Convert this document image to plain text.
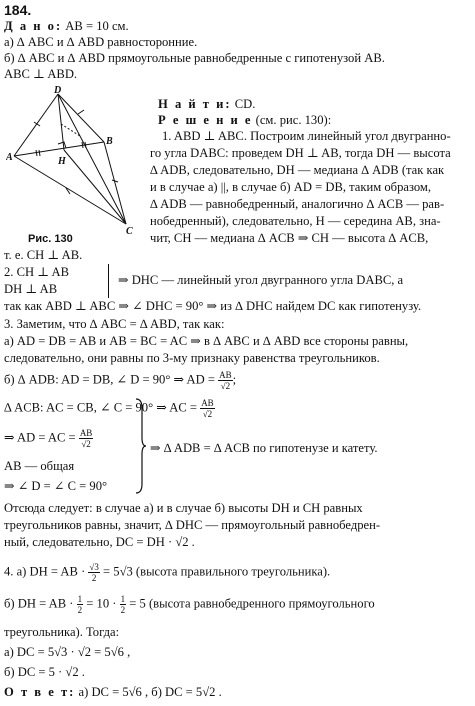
184.
Д а н о: AB = 10 см.
а) ∆ ABC и ∆ ABD равносторонние.
б) ∆ ABC и ∆ ABD прямоугольные равнобедренные с гипотенузой AB.
ABC ⊥ ABD.
D
A	H
B
C
Рис. 130
Н а й т и: CD.
Р е ш е н и е (см. рис. 130):
1. ABD ⊥ ABC. Построим линейный угол двугранно-
го угла DABC: проведем DH ⊥ AB, тогда DH — высота
∆ ADB, следовательно, DH — медиана ∆ ADB (так как
и в случае а) ||, в случае б) AD = DB, таким образом,
∆ ADB — равнобедренный, аналогично ∆ ACB — рав-
нобедренный), следовательно, H — середина AB, зна-
чит, CH — медиана ∆ ACB ⇒ CH — высота ∆ ACB,
т. е. CH ⊥ AB.
2. CH ⊥ AB
DH ⊥ AB
⇒ DHC — линейный угол двугранного угла DABC, а
так как ABD ⊥ ABC ⇒ ∠ DHC = 90° ⇒ из ∆ DHC найдем DC как гипотенузу.
3. Заметим, что ∆ ABC = ∆ ABD, так как:
а) AD = DB = AB и AB = BC = AC ⇒ в ∆ ABC и ∆ ABD все стороны равны,
следовательно, они равны по 3-му признаку равенства треугольников.
б) ∆ ADB: AD = DB, ∠ D = 90° ⇒ AD = $\frac{AB}{√2}$ ;
∆ ACB: AC = CB, ∠ C = 90° ⇒ AC = $\frac{AB}{√2}$
⇒ AD = AC = $\frac{AB}{√2}$
AB — общая
⇒ ∠ D = ∠ C = 90°
⇒ ∆ ADB = ∆ ACB по гипотенузе и катету.
Отсюда следует: в случае а) и в случае б) высоты DH и CH равных
треугольников равны, значит, ∆ DHC — прямоугольный равнобедрен-
ный, следовательно, DC = DH · √2 .
4. а) DH = AB · $\frac{√3}{2} = 5√3$ (высота правильного треугольника).
б) DH = AB · $\frac{1}{2} = 10 \cdot \frac{1}{2} = 5$ (высота равнобедренного прямоугольного
треугольника). Тогда:
а) DC = 5√3 · √2 = 5√6 ,
б) DC = 5 · √2 .
О т в е т: а) DC = 5√6 , б) DC = 5√2 .
